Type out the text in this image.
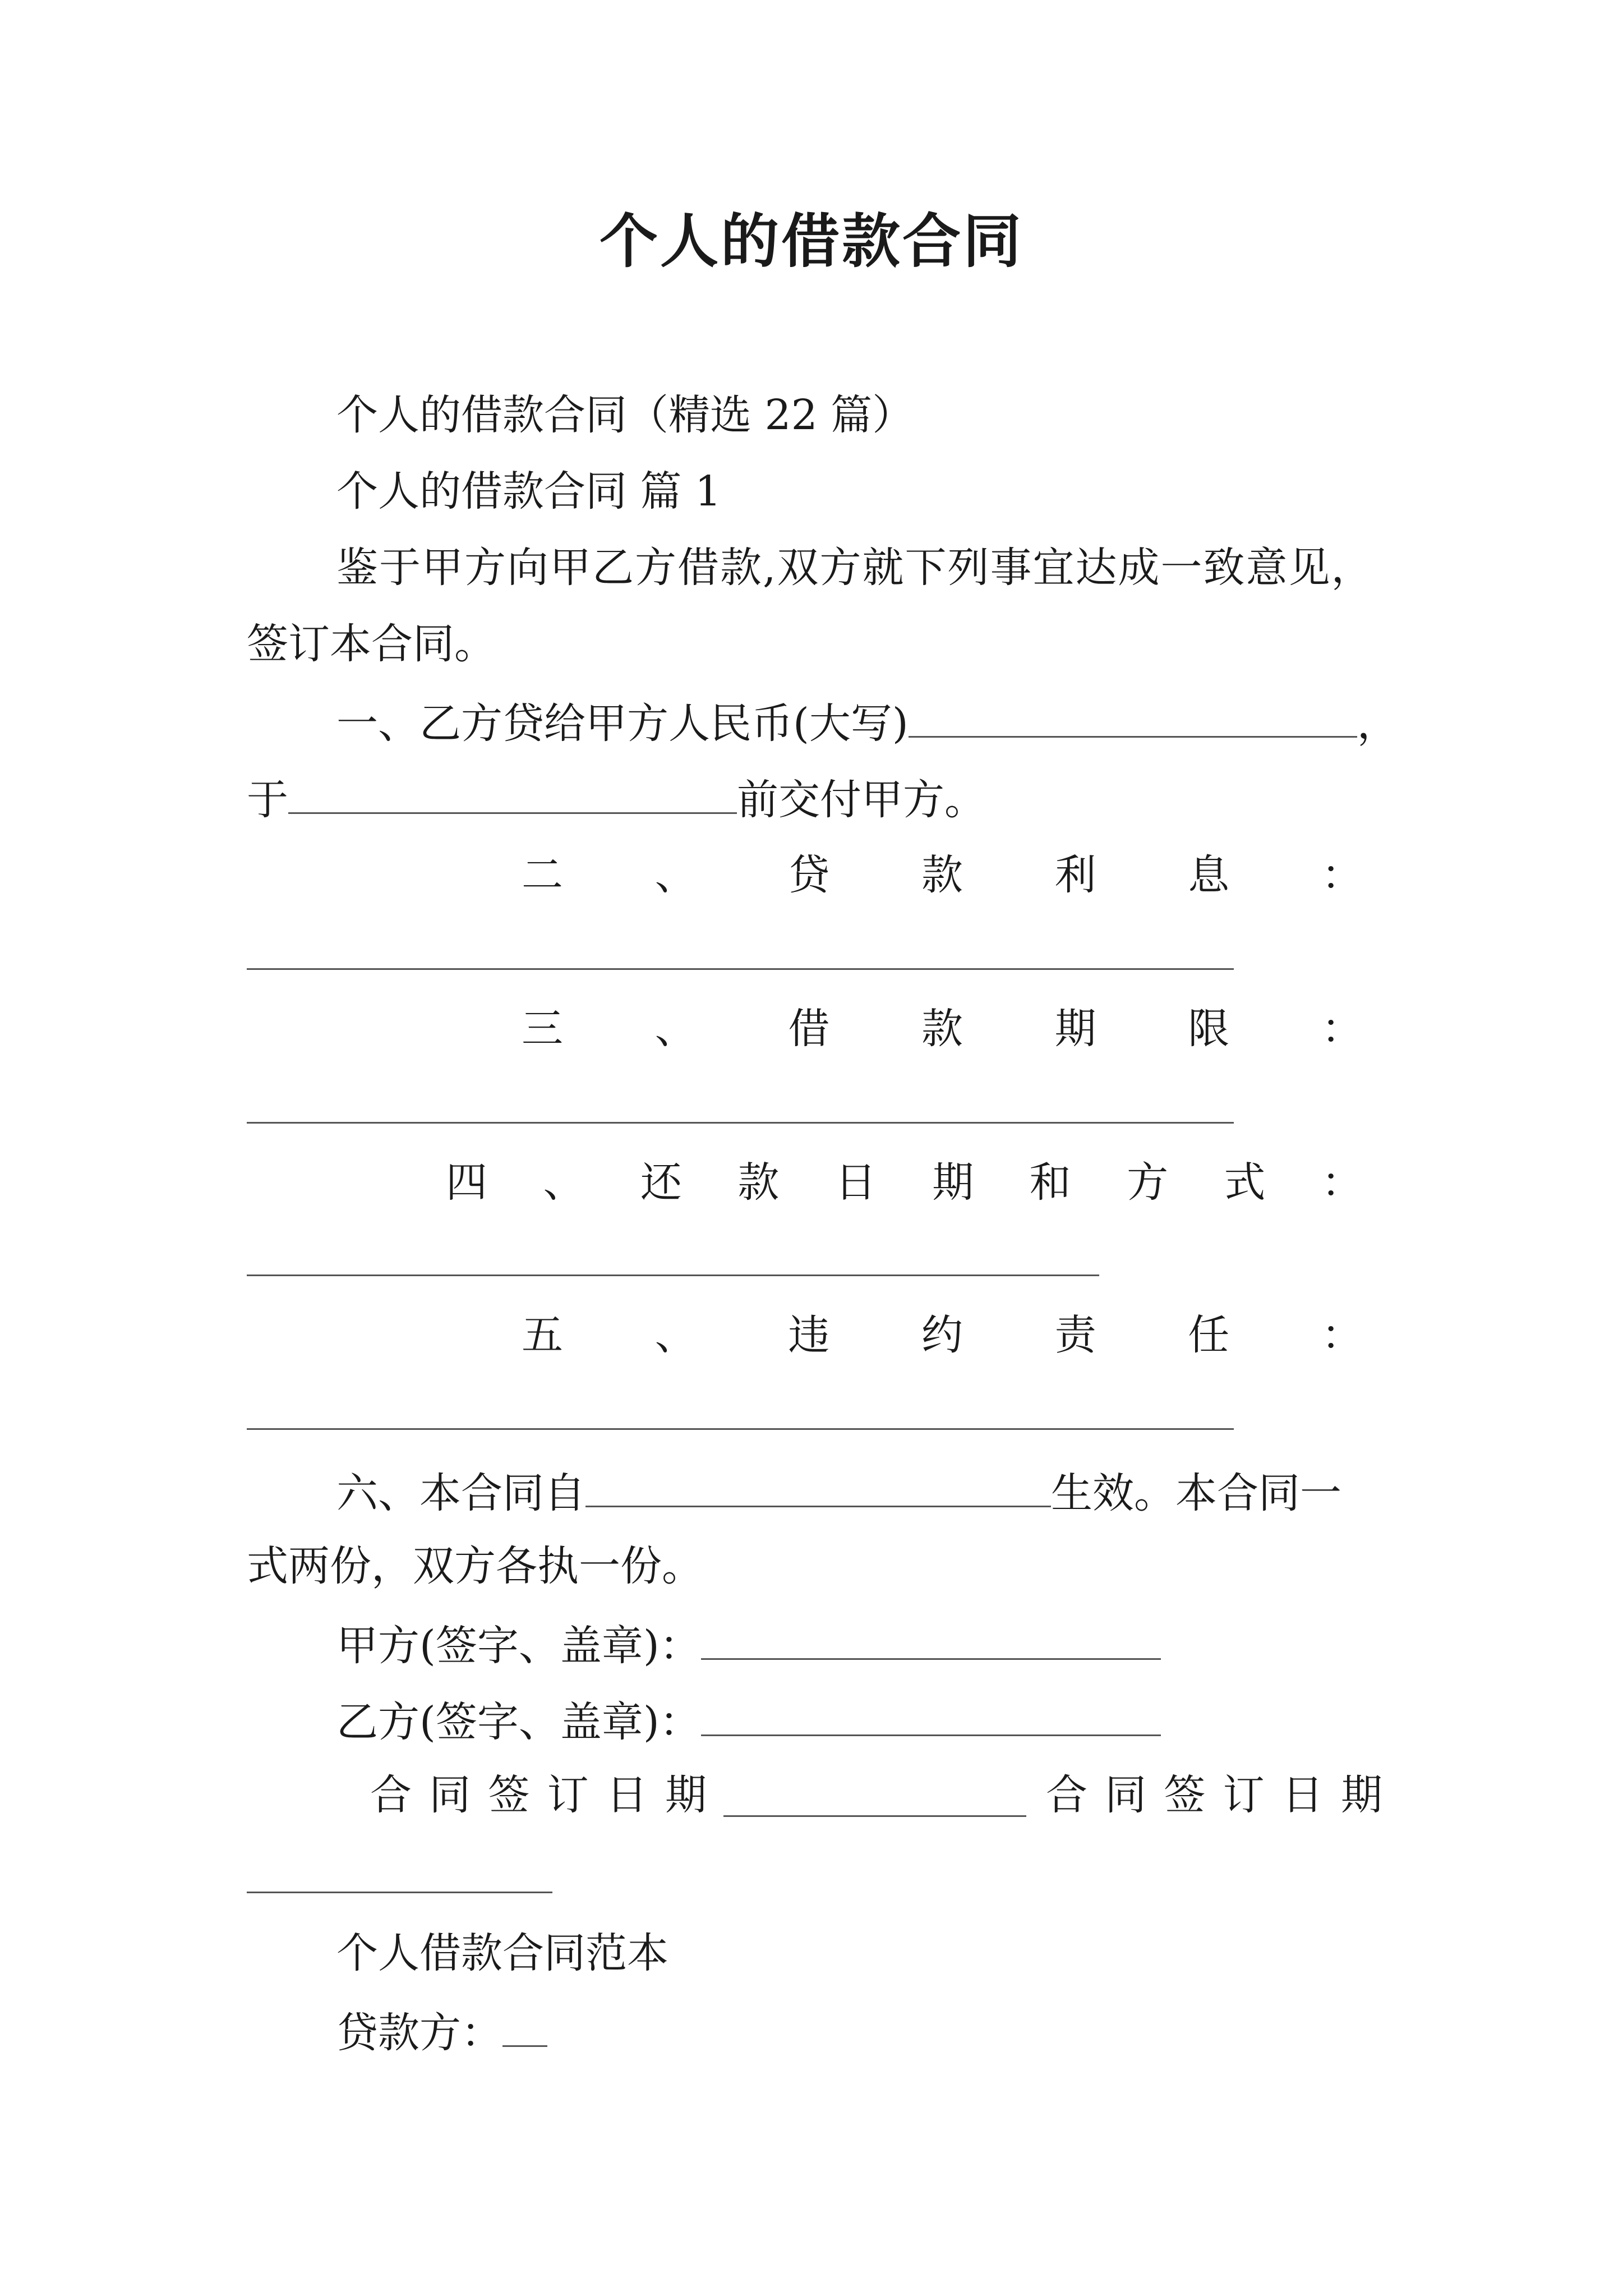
个人的借款合同
个人的借款合同（精选 22 篇）
个人的借款合同 篇 1
鉴于甲方向甲乙方借款,双方就下列事宜达成一致意见，
签订本合同。
一、乙方贷给甲方人民币(大写)	，
于	前交付甲方。
二 、 贷 款 利 息 ：
三 、 借 款 期 限 ：
四 、 还 款 日 期 和 方 式 ：
五 、 违 约 责 任 ：
六、本合同自	生效。本合同一
式两份，双方各执一份。
甲方(签字、盖章)：
乙方(签字、盖章)：
合 同 签 订 日 期	合 同 签 订 日 期
个人借款合同范本
贷款方：
